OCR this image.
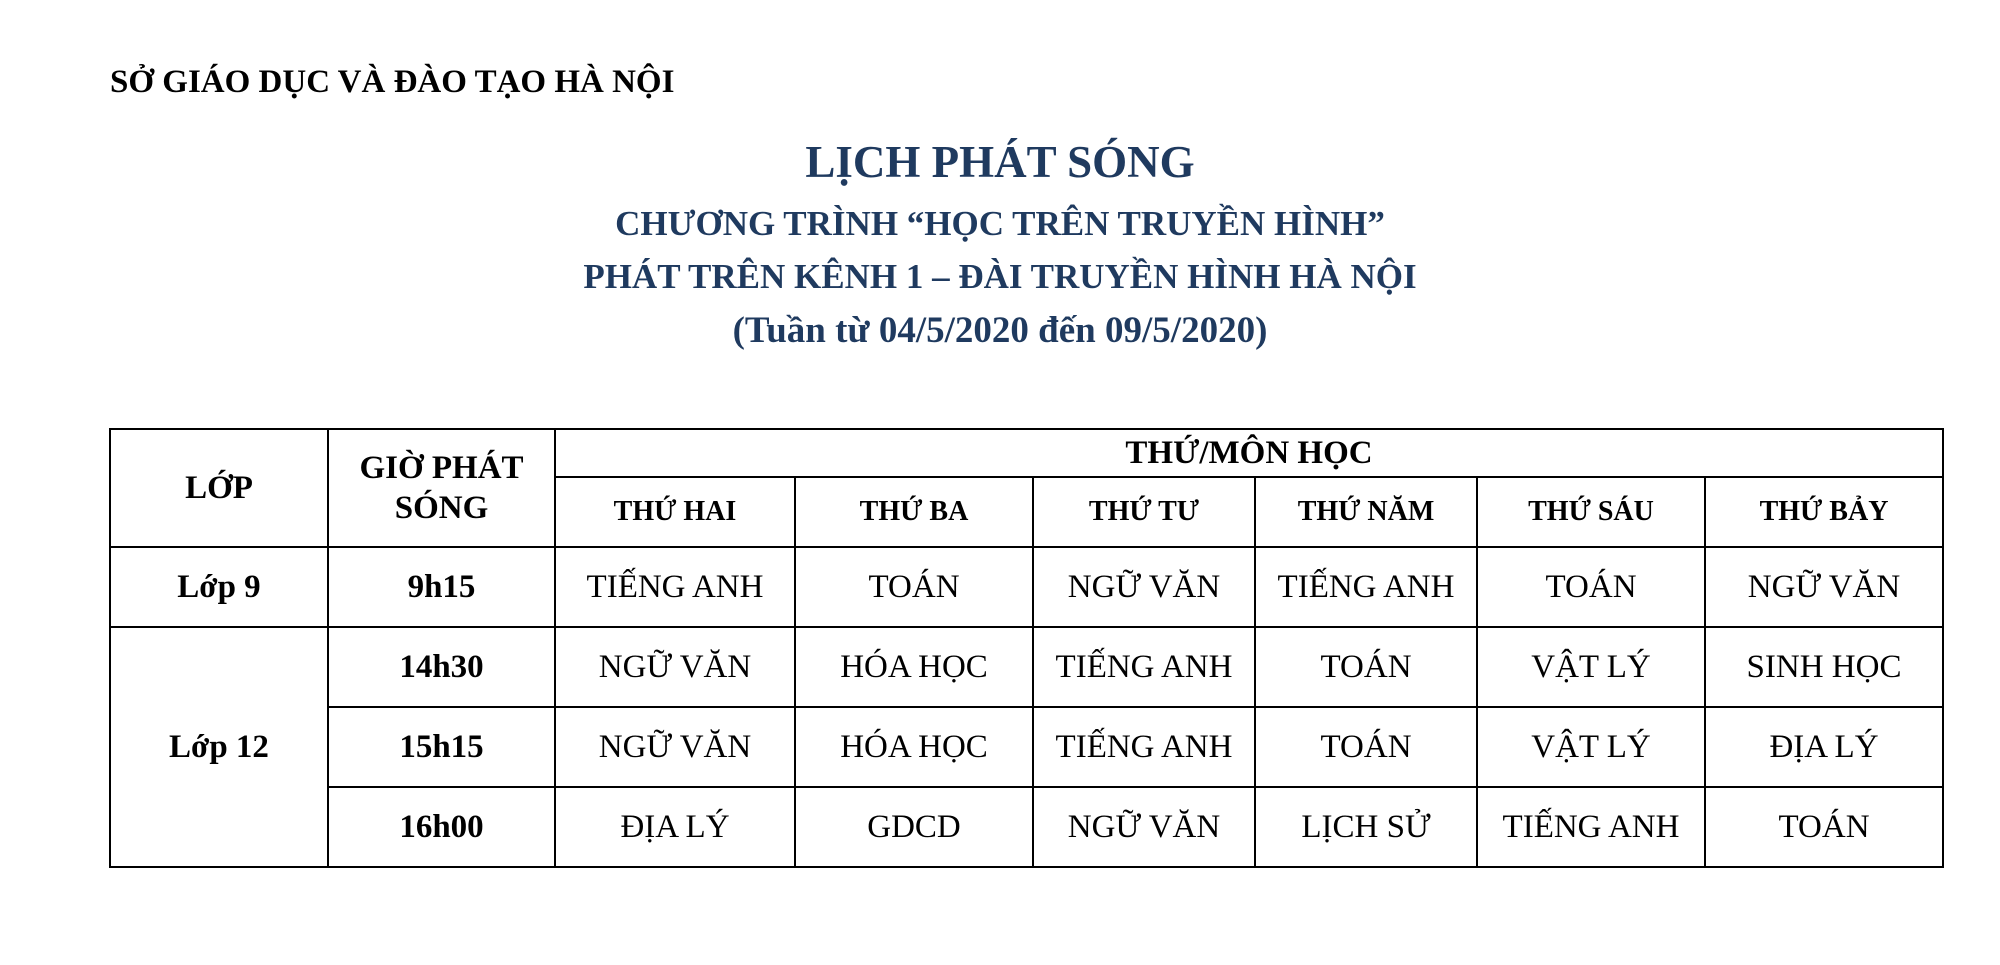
SỞ GIÁO DỤC VÀ ĐÀO TẠO HÀ NỘI
LỊCH PHÁT SÓNG
CHƯƠNG TRÌNH “HỌC TRÊN TRUYỀN HÌNH”
PHÁT TRÊN KÊNH 1 – ĐÀI TRUYỀN HÌNH HÀ NỘI
(Tuần từ 04/5/2020 đến 09/5/2020)
LỚP	GIỜ PHÁT SÓNG	THỨ/MÔN HỌC					
		THỨ HAI	THỨ BA	THỨ TƯ	THỨ NĂM	THỨ SÁU	THỨ BẢY
Lớp 9	9h15	TIẾNG ANH	TOÁN	NGỮ VĂN	TIẾNG ANH	TOÁN	NGỮ VĂN
Lớp 12	14h30	NGỮ VĂN	HÓA HỌC	TIẾNG ANH	TOÁN	VẬT LÝ	SINH HỌC
	15h15	NGỮ VĂN	HÓA HỌC	TIẾNG ANH	TOÁN	VẬT LÝ	ĐỊA LÝ
	16h00	ĐỊA LÝ	GDCD	NGỮ VĂN	LỊCH SỬ	TIẾNG ANH	TOÁN
